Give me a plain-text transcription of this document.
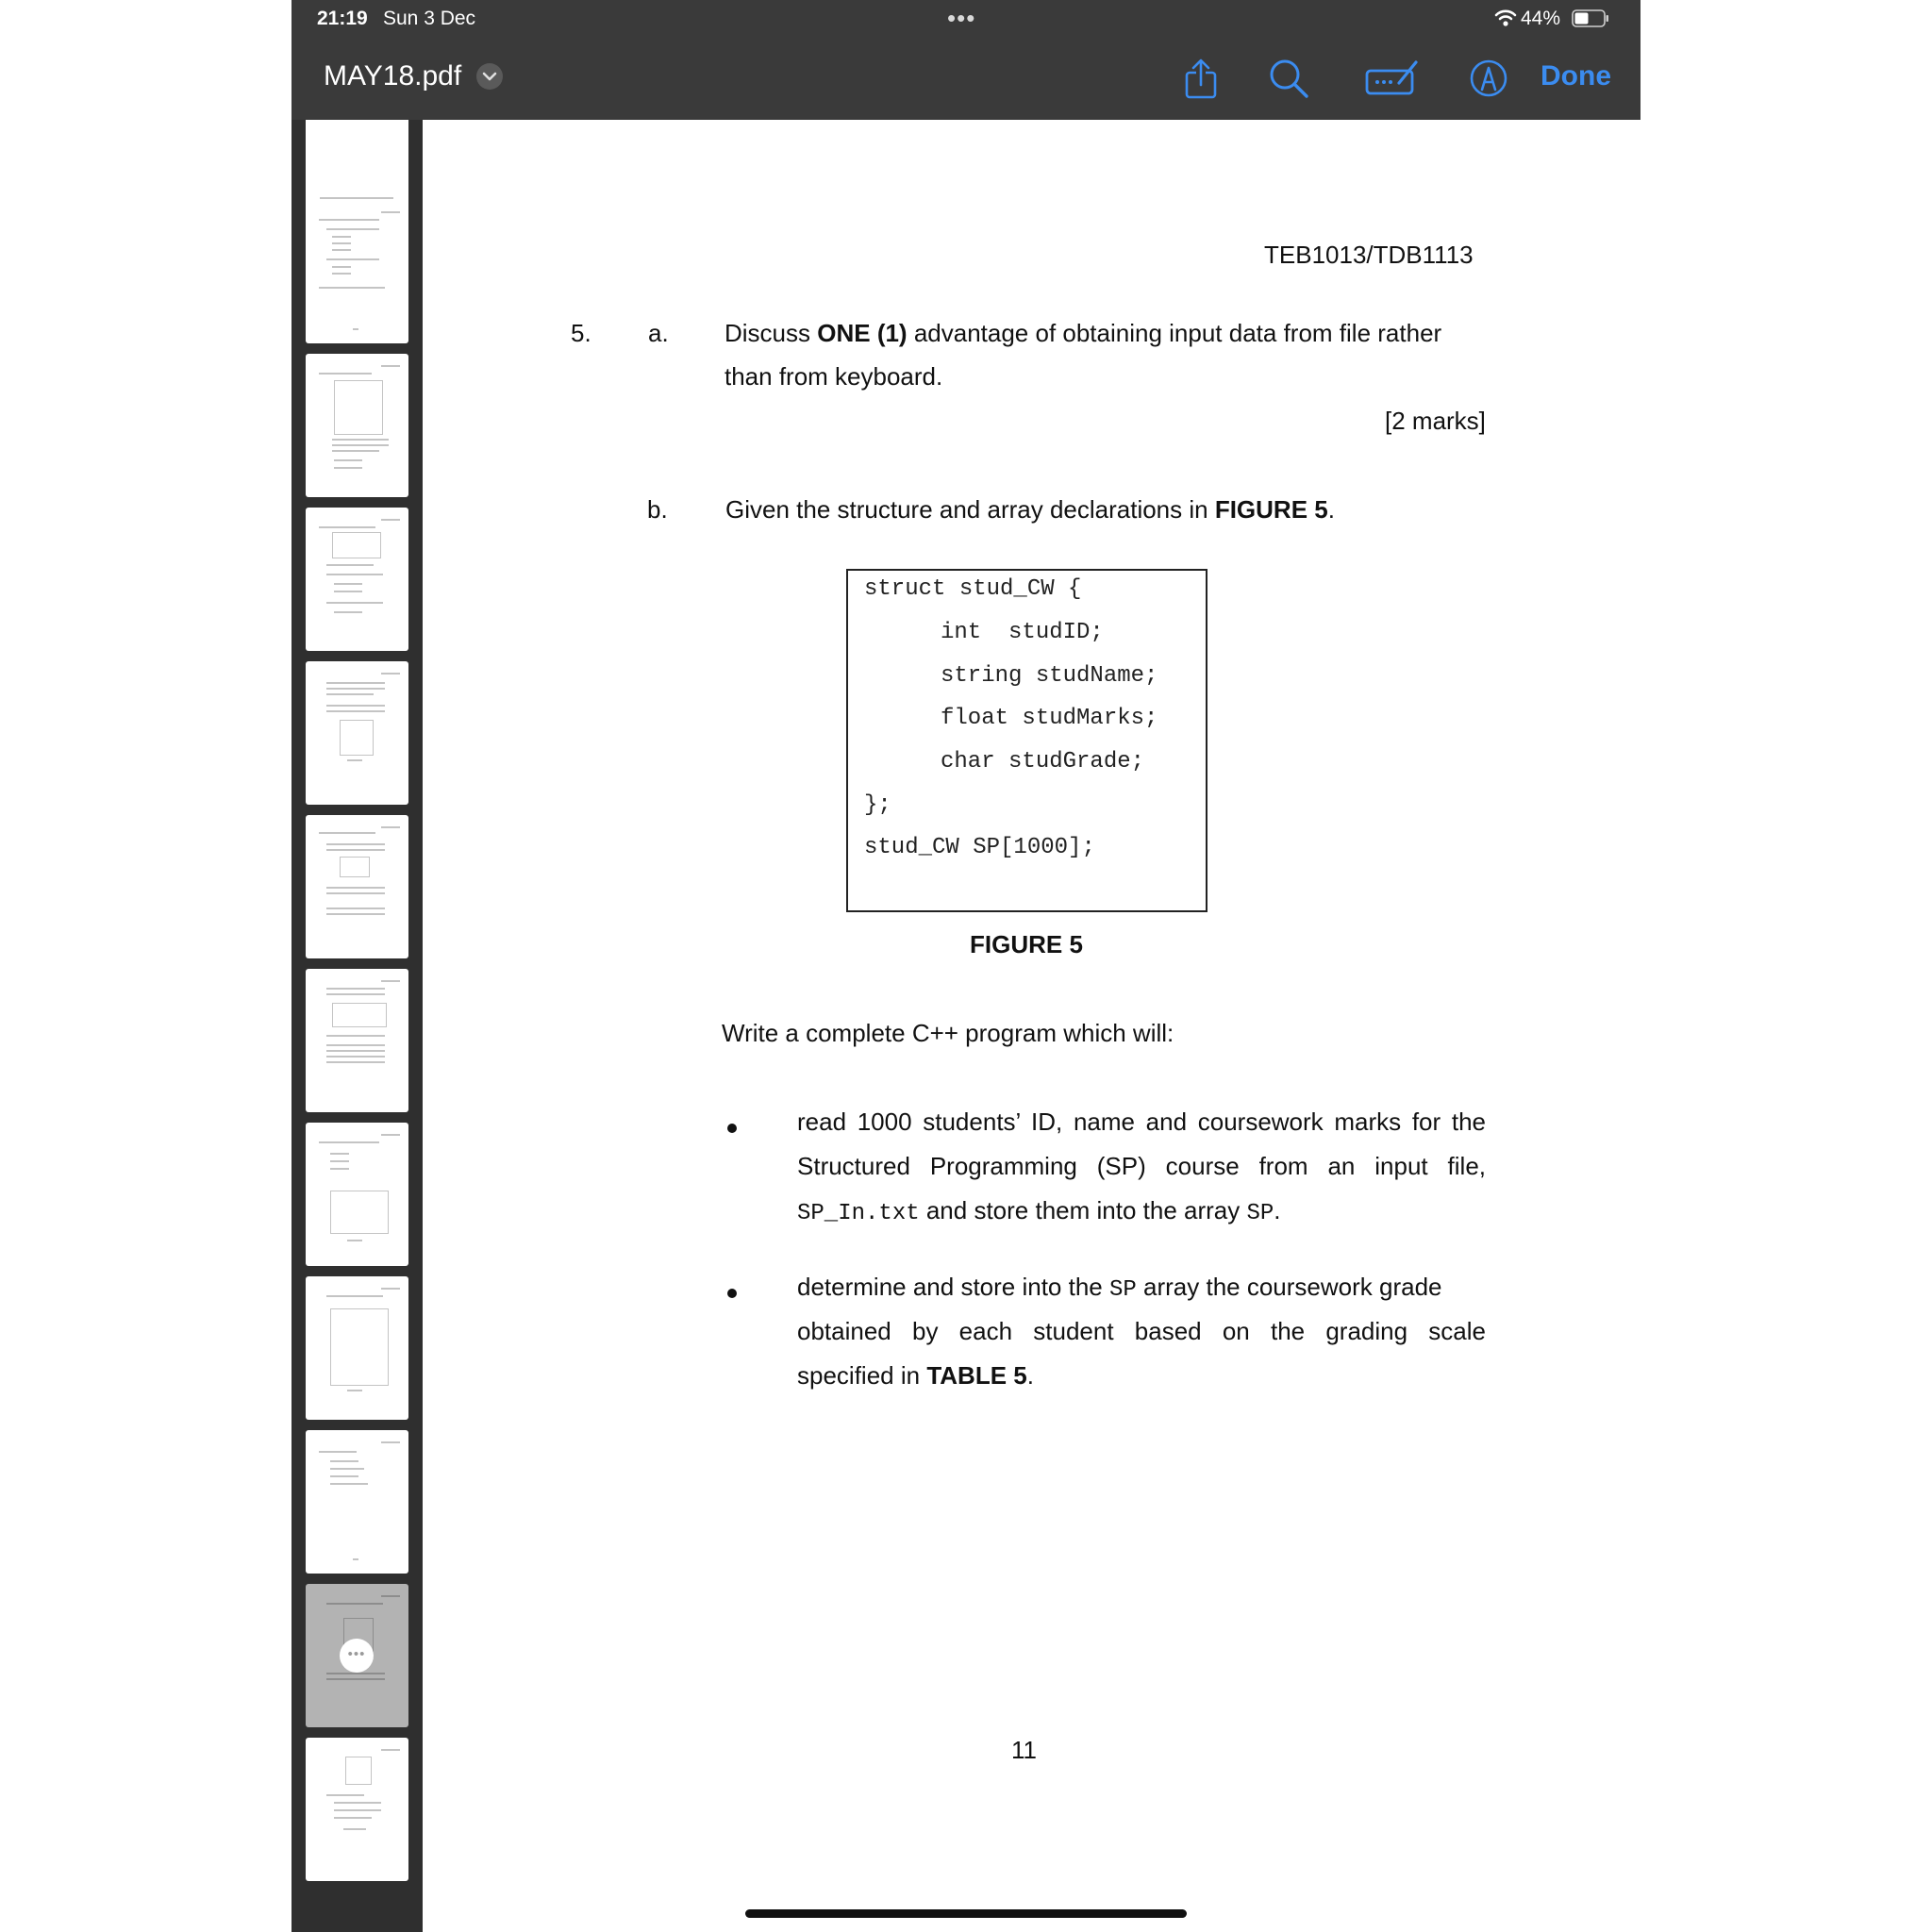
21:19 Sun 3 Dec	•••	44%
MAY18.pdf	Done
•••
TEB1013/TDB1113
5. a. Discuss ONE (1) advantage of obtaining input data from file rather
than from keyboard.
[2 marks]
b. Given the structure and array declarations in FIGURE 5.
struct stud_CW {
int  studID;
string studName;
float studMarks;
char studGrade;
};
stud_CW SP[1000];
FIGURE 5
Write a complete C++ program which will:
read 1000 students’ ID, name and coursework marks for the
Structured Programming (SP) course from an input file,
SP_In.txt and store them into the array SP.
determine and store into the SP array the coursework grade
obtained by each student based on the grading scale
specified in TABLE 5.
11
